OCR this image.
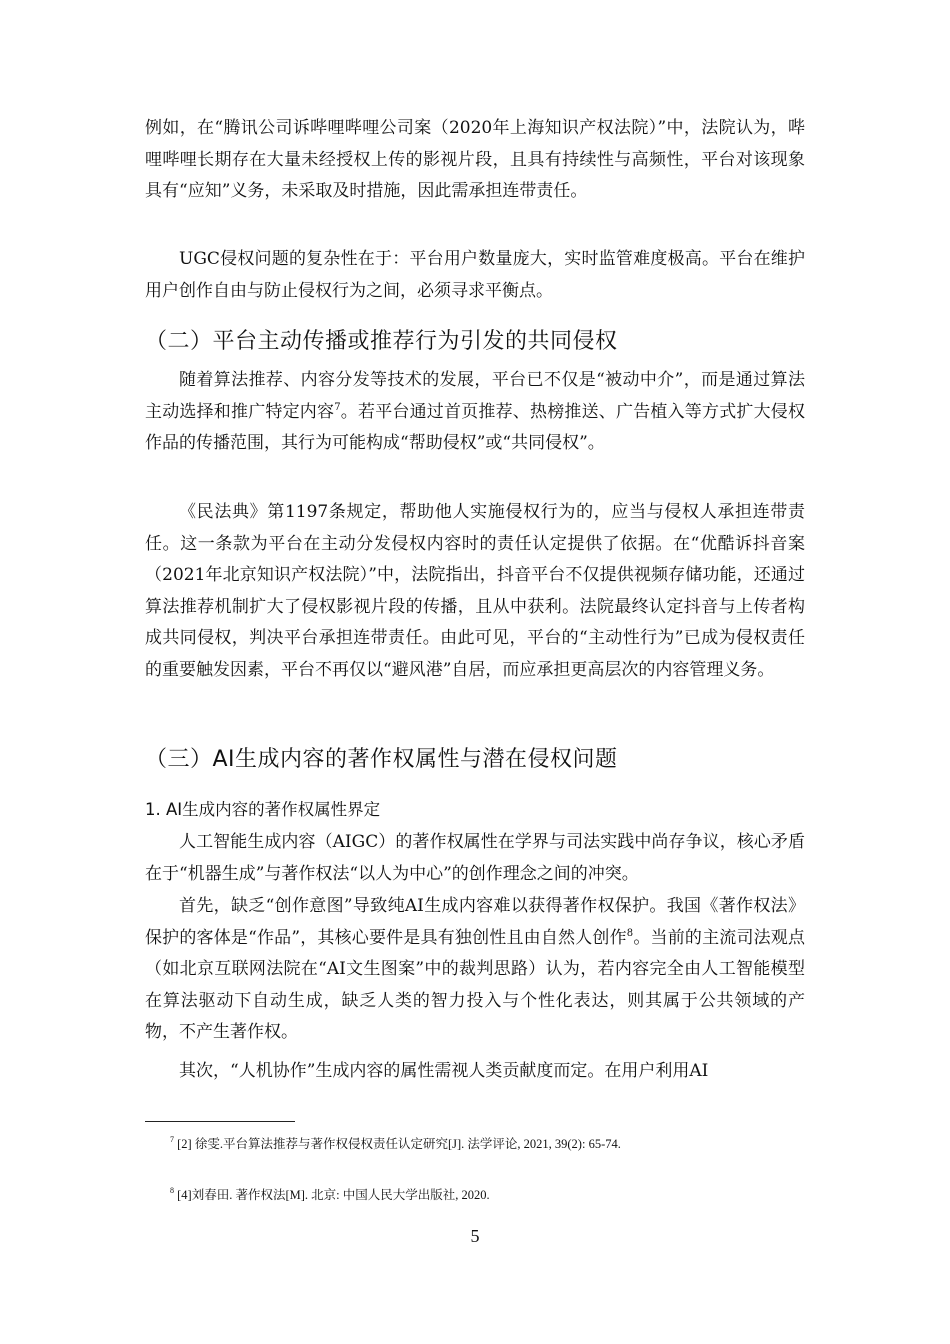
例如，在“腾讯公司诉哔哩哔哩公司案（2020年上海知识产权法院）”中，法院认为，哔哩哔哩长期存在大量未经授权上传的影视片段，且具有持续性与高频性，平台对该现象具有“应知”义务，未采取及时措施，因此需承担连带责任。

UGC侵权问题的复杂性在于：平台用户数量庞大，实时监管难度极高。平台在维护用户创作自由与防止侵权行为之间，必须寻求平衡点。

（二）平台主动传播或推荐行为引发的共同侵权

随着算法推荐、内容分发等技术的发展，平台已不仅是“被动中介”，而是通过算法主动选择和推广特定内容$^7$。若平台通过首页推荐、热榜推送、广告植入等方式扩大侵权作品的传播范围，其行为可能构成“帮助侵权”或“共同侵权”。

《民法典》第1197条规定，帮助他人实施侵权行为的，应当与侵权人承担连带责任。这一条款为平台在主动分发侵权内容时的责任认定提供了依据。在“优酷诉抖音案（2021年北京知识产权法院）”中，法院指出，抖音平台不仅提供视频存储功能，还通过算法推荐机制扩大了侵权影视片段的传播，且从中获利。法院最终认定抖音与上传者构成共同侵权，判决平台承担连带责任。由此可见，平台的“主动性行为”已成为侵权责任的重要触发因素，平台不再仅以“避风港”自居，而应承担更高层次的内容管理义务。

（三）AI生成内容的著作权属性与潜在侵权问题
1. AI生成内容的著作权属性界定

人工智能生成内容（AIGC）的著作权属性在学界与司法实践中尚存争议，核心矛盾在于“机器生成”与著作权法“以人为中心”的创作理念之间的冲突。

首先，缺乏“创作意图”导致纯AI生成内容难以获得著作权保护。我国《著作权法》保护的客体是“作品”，其核心要件是具有独创性且由自然人创作$^8$。当前的主流司法观点（如北京互联网法院在“AI文生图案”中的裁判思路）认为，若内容完全由人工智能模型在算法驱动下自动生成，缺乏人类的智力投入与个性化表达，则其属于公共领域的产物，不产生著作权。

其次，“人机协作”生成内容的属性需视人类贡献度而定。在用户利用AI

$^7$ [2] 徐雯.平台算法推荐与著作权侵权责任认定研究[J]. 法学评论, 2021, 39(2): 65-74.

$^8$ [4]刘春田. 著作权法[M]. 北京: 中国人民大学出版社, 2020.

5
